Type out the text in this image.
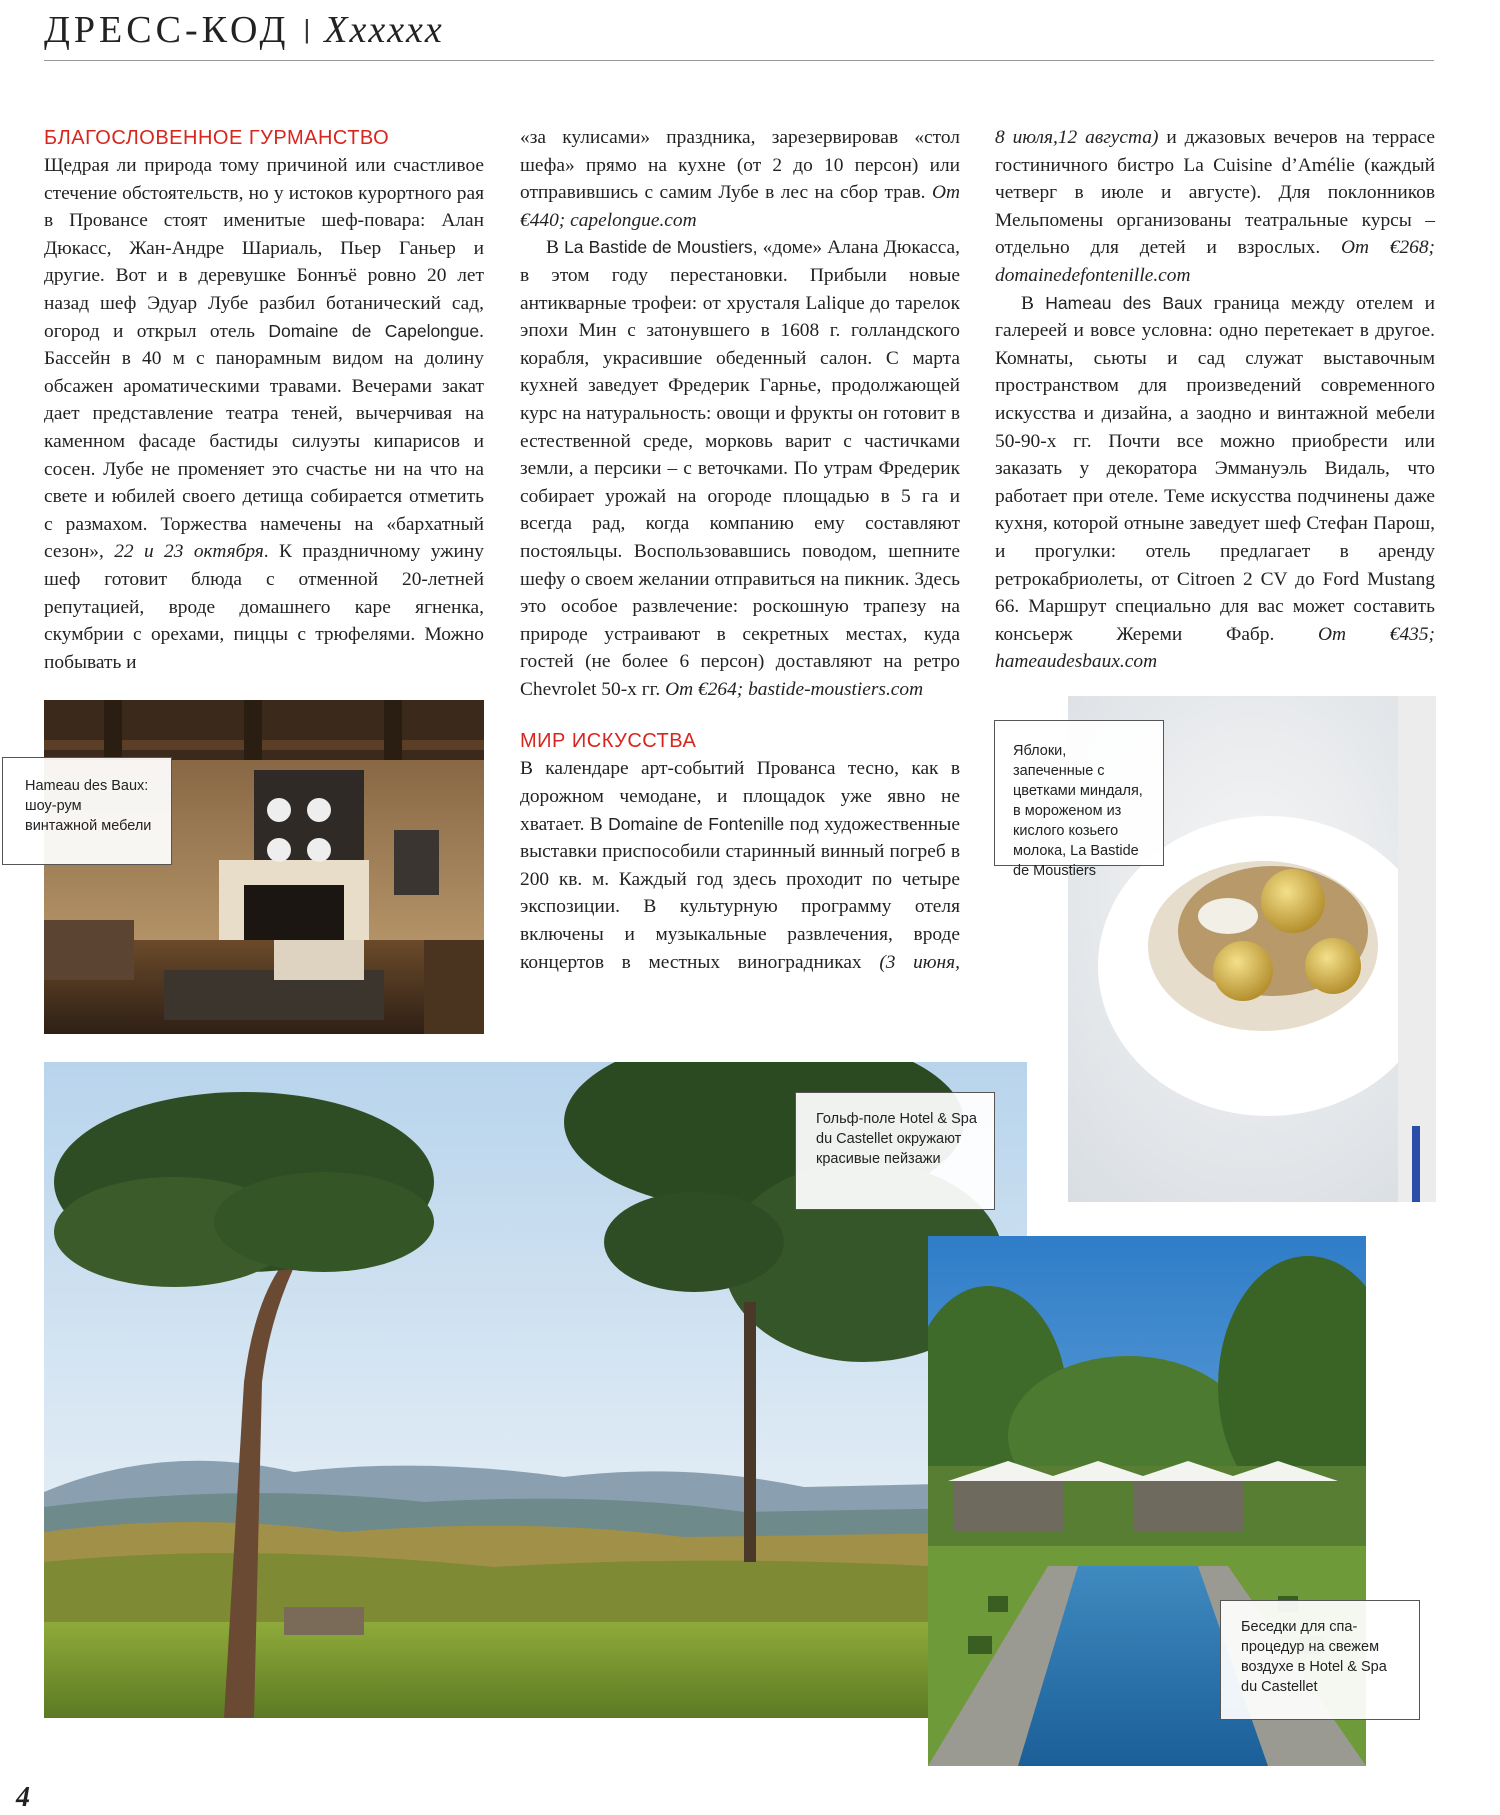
ДРЕСС-КОД | Хххххх
БЛАГОСЛОВЕННОЕ ГУРМАНСТВО

Щедрая ли природа тому причиной или счастливое стечение обстоятельств, но у истоков курортного рая в Провансе стоят именитые шеф-повара: Алан Дюкасс, Жан-Андре Шариаль, Пьер Ганьер и другие. Вот и в деревушке Боннъё ровно 20 лет назад шеф Эдуар Лубе разбил ботанический сад, огород и открыл отель Domaine de Capelongue. Бассейн в 40 м с панорамным видом на долину обсажен ароматическими травами. Вечерами закат дает представление театра теней, вычерчивая на каменном фасаде бастиды силуэты кипарисов и сосен. Лубе не променяет это счастье ни на что на свете и юбилей своего детища собирается отметить с размахом. Торжества намечены на «бархатный сезон», 22 и 23 октября. К праздничному ужину шеф готовит блюда с отменной 20-летней репутацией, вроде домашнего каре ягненка, скумбрии с орехами, пиццы с трюфелями. Можно побывать и

«за кулисами» праздника, зарезервировав «стол шефа» прямо на кухне (от 2 до 10 персон) или отправившись с самим Лубе в лес на сбор трав. От €440; capelongue.com

В La Bastide de Moustiers, «доме» Алана Дюкасса, в этом году перестановки. Прибыли новые антикварные трофеи: от хрусталя Lalique до тарелок эпохи Мин с затонувшего в 1608 г. голландского корабля, украсившие обеденный салон. С марта кухней заведует Фредерик Гарнье, продолжающей курс на натуральность: овощи и фрукты он готовит в естественной среде, морковь варит с частичками земли, а персики – с веточками. По утрам Фредерик собирает урожай на огороде площадью в 5 га и всегда рад, когда компанию ему составляют постояльцы. Воспользовавшись поводом, шепните шефу о своем желании отправиться на пикник. Здесь это особое развлечение: роскошную трапезу на природе устраивают в секретных местах, куда гостей (не более 6 персон) доставляют на ретро Chevrolet 50-х гг. От €264; bastide-moustiers.com

МИР ИСКУССТВА

В календаре арт-событий Прованса тесно, как в дорожном чемодане, и площадок уже явно не хватает. В Domaine de Fontenille под художественные выставки приспособили старинный винный погреб в 200 кв. м. Каждый год здесь проходит по четыре экспозиции. В культурную программу отеля включены и музыкальные развлечения, вроде концертов в местных виноградниках (3 июня,

8 июля,12 августа) и джазовых вечеров на террасе гостиничного бистро La Cuisine d’Amélie (каждый четверг в июле и августе). Для поклонников Мельпомены организованы театральные курсы – отдельно для детей и взрослых. От €268; domainedefontenille.com

В Hameau des Baux граница между отелем и галереей и вовсе условна: одно перетекает в другое. Комнаты, сьюты и сад служат выставочным пространством для произведений современного искусства и дизайна, а заодно и винтажной мебели 50-90-х гг. Почти все можно приобрести или заказать у декоратора Эммануэль Видаль, что работает при отеле. Теме искусства подчинены даже кухня, которой отныне заведует шеф Стефан Парош, и прогулки: отель предлагает в аренду ретрокабриолеты, от Citroen 2 CV до Ford Mustang 66. Маршрут специально для вас может составить консьерж Жереми Фабр. От €435; hameaudesbaux.com

Hameau des Baux: шоу-рум винтажной мебели
Яблоки, запеченные с цветками миндаля, в мороженом из кислого козьего молока, La Bastide de Moustiers
Гольф-поле Hotel & Spa du Castellet окружают красивые пейзажи
Беседки для спа-процедур на свежем воздухе в Hotel & Spa du Castellet
4
